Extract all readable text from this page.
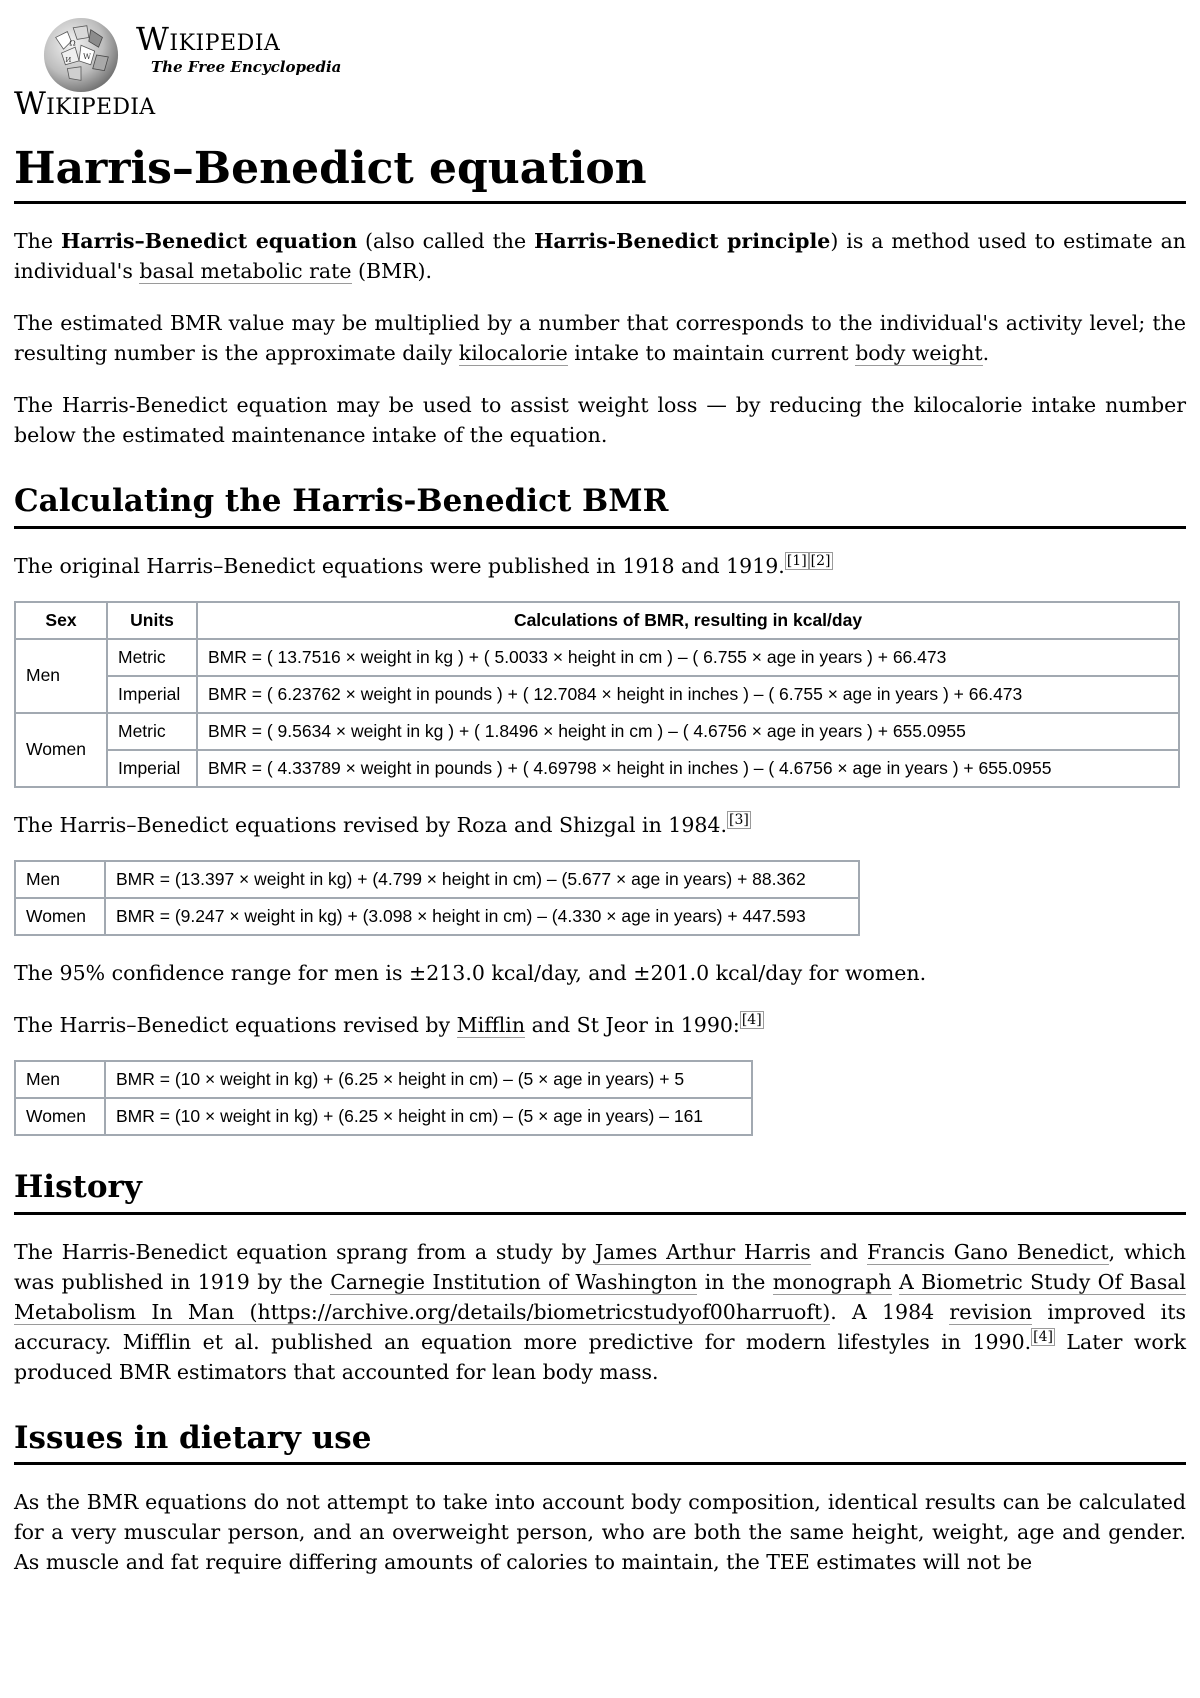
Ω
W
И
Wikipedia
The Free Encyclopedia
Wikipedia
Harris–Benedict equation

The Harris–Benedict equation (also called the Harris-Benedict principle) is a method used to estimate an individual's basal metabolic rate (BMR).

The estimated BMR value may be multiplied by a number that corresponds to the individual's activity level; the resulting number is the approximate daily kilocalorie intake to maintain current body weight.

The Harris-Benedict equation may be used to assist weight loss — by reducing the kilocalorie intake number below the estimated maintenance intake of the equation.

Calculating the Harris-Benedict BMR

The original Harris–Benedict equations were published in 1918 and 1919. [1] [2]

Sex	Units	Calculations of BMR, resulting in kcal/day
Men	Metric	BMR = ( 13.7516 × weight in kg ) + ( 5.0033 × height in cm ) – ( 6.755 × age in years ) + 66.473
	Imperial	BMR = ( 6.23762 × weight in pounds ) + ( 12.7084 × height in inches ) – ( 6.755 × age in years ) + 66.473
Women	Metric	BMR = ( 9.5634 × weight in kg ) + ( 1.8496 × height in cm ) – ( 4.6756 × age in years ) + 655.0955
	Imperial	BMR = ( 4.33789 × weight in pounds ) + ( 4.69798 × height in inches ) – ( 4.6756 × age in years ) + 655.0955

The Harris–Benedict equations revised by Roza and Shizgal in 1984. [3]

Men	BMR = (13.397 × weight in kg) + (4.799 × height in cm) – (5.677 × age in years) + 88.362
Women	BMR = (9.247 × weight in kg) + (3.098 × height in cm) – (4.330 × age in years) + 447.593

The 95% confidence range for men is ±213.0 kcal/day, and ±201.0 kcal/day for women.

The Harris–Benedict equations revised by Mifflin and St Jeor in 1990: [4]

Men	BMR = (10 × weight in kg) + (6.25 × height in cm) – (5 × age in years) + 5
Women	BMR = (10 × weight in kg) + (6.25 × height in cm) – (5 × age in years) – 161
History

The Harris-Benedict equation sprang from a study by James Arthur Harris and Francis Gano Benedict, which was published in 1919 by the Carnegie Institution of Washington in the monograph A Biometric Study Of Basal Metabolism In Man (https://archive.org/details/biometricstudyof00harruoft). A 1984 revision improved its accuracy. Mifflin et al. published an equation more predictive for modern lifestyles in 1990. [4] Later work produced BMR estimators that accounted for lean body mass.

Issues in dietary use

As the BMR equations do not attempt to take into account body composition, identical results can be calculated for a very muscular person, and an overweight person, who are both the same height, weight, age and gender. As muscle and fat require differing amounts of calories to maintain, the TEE estimates will not be
